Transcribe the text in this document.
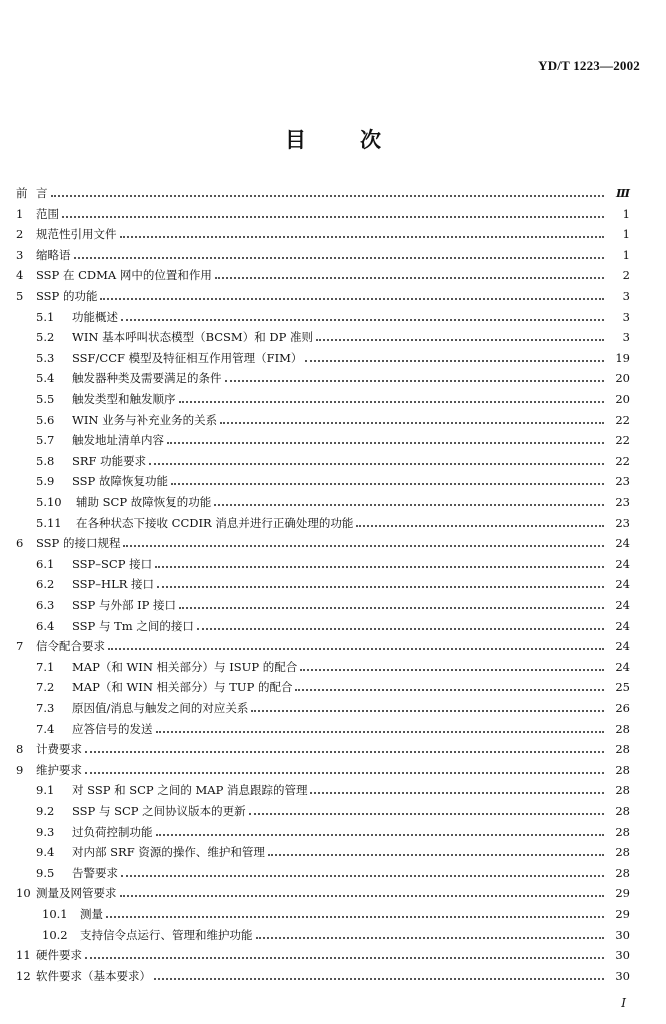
YD/T 1223—2002
目	次
前 言	Ⅲ
1	范围	1
2	规范性引用文件	1
3	缩略语	1
4	SSP 在 CDMA 网中的位置和作用	2
5	SSP 的功能	3
5.1	功能概述	3
5.2	WIN 基本呼叫状态模型（BCSM）和 DP 准则	3
5.3	SSF/CCF 模型及特征相互作用管理（FIM）	19
5.4	触发器种类及需要满足的条件	20
5.5	触发类型和触发顺序	20
5.6	WIN 业务与补充业务的关系	22
5.7	触发地址清单内容	22
5.8	SRF 功能要求	22
5.9	SSP 故障恢复功能	23
5.10	辅助 SCP 故障恢复的功能	23
5.11	在各种状态下接收 CCDIR 消息并进行正确处理的功能	23
6	SSP 的接口规程	24
6.1	SSP–SCP 接口	24
6.2	SSP–HLR 接口	24
6.3	SSP 与外部 IP 接口	24
6.4	SSP 与 Tm 之间的接口	24
7	信令配合要求	24
7.1	MAP（和 WIN 相关部分）与 ISUP 的配合	24
7.2	MAP（和 WIN 相关部分）与 TUP 的配合	25
7.3	原因值/消息与触发之间的对应关系	26
7.4	应答信号的发送	28
8	计费要求	28
9	维护要求	28
9.1	对 SSP 和 SCP 之间的 MAP 消息跟踪的管理	28
9.2	SSP 与 SCP 之间协议版本的更新	28
9.3	过负荷控制功能	28
9.4	对内部 SRF 资源的操作、维护和管理	28
9.5	告警要求	28
10 测量及网管要求	29
10.1	测量	29
10.2	支持信令点运行、管理和维护功能	30
11 硬件要求	30
12 软件要求（基本要求）	30
I
